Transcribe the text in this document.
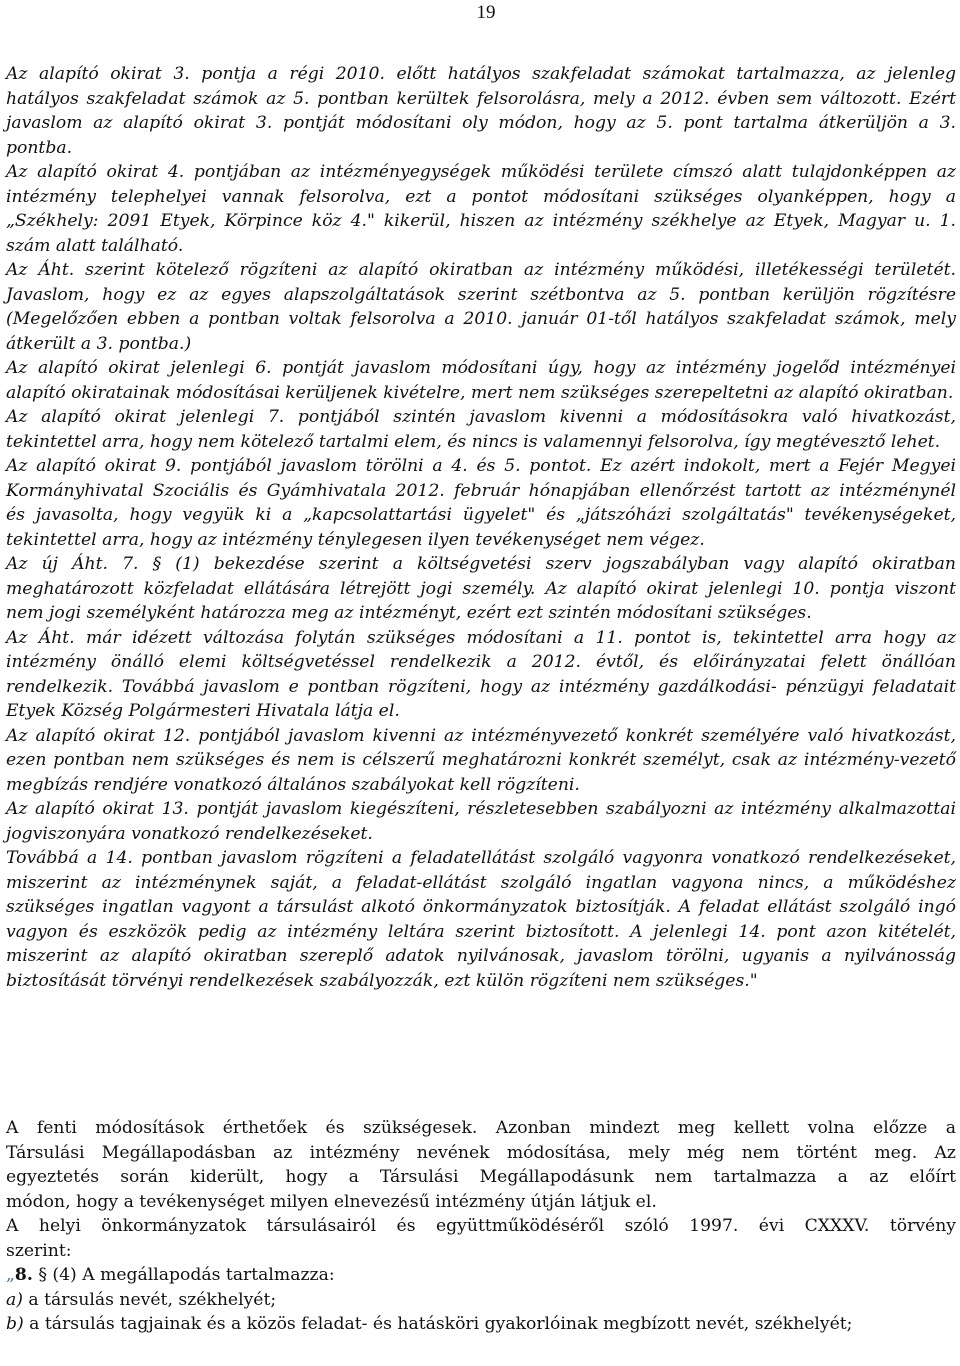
19
Az alapító okirat 3. pontja a régi 2010. előtt hatályos szakfeladat számokat tartalmazza, az jelenleg
hatályos szakfeladat számok az 5. pontban kerültek felsorolásra, mely a 2012. évben sem változott. Ezért
javaslom az alapító okirat 3. pontját módosítani oly módon, hogy az 5. pont tartalma átkerüljön a 3.
pontba.
Az alapító okirat 4. pontjában az intézményegységek működési területe címszó alatt tulajdonképpen az
intézmény telephelyei vannak felsorolva, ezt a pontot módosítani szükséges olyanképpen, hogy a
„Székhely: 2091 Etyek, Körpince köz 4." kikerül, hiszen az intézmény székhelye az Etyek, Magyar u. 1.
szám alatt található.
Az Áht. szerint kötelező rögzíteni az alapító okiratban az intézmény működési, illetékességi területét.
Javaslom, hogy ez az egyes alapszolgáltatások szerint szétbontva az 5. pontban kerüljön rögzítésre
(Megelőzően ebben a pontban voltak felsorolva a 2010. január 01-től hatályos szakfeladat számok, mely
átkerült a 3. pontba.)
Az alapító okirat jelenlegi 6. pontját javaslom módosítani úgy, hogy az intézmény jogelőd intézményei
alapító okiratainak módosításai kerüljenek kivételre, mert nem szükséges szerepeltetni az alapító okiratban.
Az alapító okirat jelenlegi 7. pontjából szintén javaslom kivenni a módosításokra való hivatkozást,
tekintettel arra, hogy nem kötelező tartalmi elem, és nincs is valamennyi felsorolva, így megtévesztő lehet.
Az alapító okirat 9. pontjából javaslom törölni a 4. és 5. pontot. Ez azért indokolt, mert a Fejér Megyei
Kormányhivatal Szociális és Gyámhivatala 2012. február hónapjában ellenőrzést tartott az intézménynél
és javasolta, hogy vegyük ki a „kapcsolattartási ügyelet" és „játszóházi szolgáltatás" tevékenységeket,
tekintettel arra, hogy az intézmény ténylegesen ilyen tevékenységet nem végez.
Az új Áht. 7. § (1) bekezdése szerint a költségvetési szerv jogszabályban vagy alapító okiratban
meghatározott közfeladat ellátására létrejött jogi személy. Az alapító okirat jelenlegi 10. pontja viszont
nem jogi személyként határozza meg az intézményt, ezért ezt szintén módosítani szükséges.
Az Áht. már idézett változása folytán szükséges módosítani a 11. pontot is, tekintettel arra hogy az
intézmény önálló elemi költségvetéssel rendelkezik a 2012. évtől, és előirányzatai felett önállóan
rendelkezik. Továbbá javaslom e pontban rögzíteni, hogy az intézmény gazdálkodási- pénzügyi feladatait
Etyek Község Polgármesteri Hivatala látja el.
Az alapító okirat 12. pontjából javaslom kivenni az intézményvezető konkrét személyére való hivatkozást,
ezen pontban nem szükséges és nem is célszerű meghatározni konkrét személyt, csak az intézmény-vezető
megbízás rendjére vonatkozó általános szabályokat kell rögzíteni.
Az alapító okirat 13. pontját javaslom kiegészíteni, részletesebben szabályozni az intézmény alkalmazottai
jogviszonyára vonatkozó rendelkezéseket.
Továbbá a 14. pontban javaslom rögzíteni a feladatellátást szolgáló vagyonra vonatkozó rendelkezéseket,
miszerint az intézménynek saját, a feladat-ellátást szolgáló ingatlan vagyona nincs, a működéshez
szükséges ingatlan vagyont a társulást alkotó önkormányzatok biztosítják. A feladat ellátást szolgáló ingó
vagyon és eszközök pedig az intézmény leltára szerint biztosított. A jelenlegi 14. pont azon kitételét,
miszerint az alapító okiratban szereplő adatok nyilvánosak, javaslom törölni, ugyanis a nyilvánosság
biztosítását törvényi rendelkezések szabályozzák, ezt külön rögzíteni nem szükséges."
A fenti módosítások érthetőek és szükségesek. Azonban mindezt meg kellett volna előzze a
Társulási Megállapodásban az intézmény nevének módosítása, mely még nem történt meg. Az
egyeztetés során kiderült, hogy a Társulási Megállapodásunk nem tartalmazza a az előírt
módon, hogy a tevékenységet milyen elnevezésű intézmény útján látjuk el.
A helyi önkormányzatok társulásairól és együttműködéséről szóló 1997. évi CXXXV. törvény
szerint:
„8. § (4) A megállapodás tartalmazza:
a) a társulás nevét, székhelyét;
b) a társulás tagjainak és a közös feladat- és hatásköri gyakorlóinak megbízott nevét, székhelyét;
